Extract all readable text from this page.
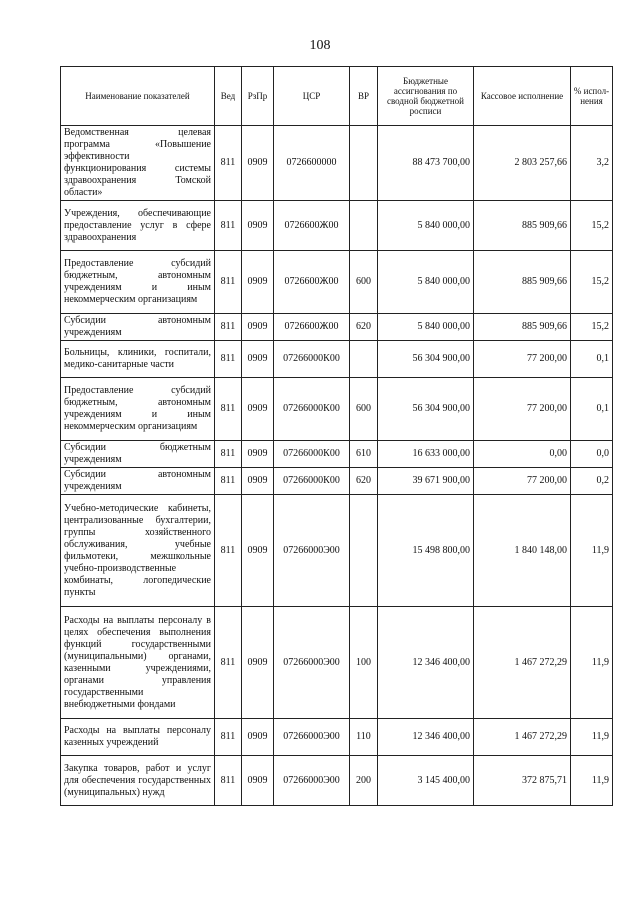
108
Наименование показателей	Вед	РзПр	ЦСР	ВР	Бюджетные ассигнования по сводной бюджетной росписи	Кассовое исполнение	% испол-нения
Ведомственная целевая программа «Повышение эффективности функционирования системы здравоохранения Томской области»	811	0909	0726600000		88 473 700,00	2 803 257,66	3,2
Учреждения, обеспечивающие предоставление услуг в сфере здравоохранения	811	0909	0726600Ж00		5 840 000,00	885 909,66	15,2
Предоставление субсидий бюджетным, автономным учреждениям и иным некоммерческим организациям	811	0909	0726600Ж00	600	5 840 000,00	885 909,66	15,2
Субсидии автономным учреждениям	811	0909	0726600Ж00	620	5 840 000,00	885 909,66	15,2
Больницы, клиники, госпитали, медико-санитарные части	811	0909	07266000К00		56 304 900,00	77 200,00	0,1
Предоставление субсидий бюджетным, автономным учреждениям и иным некоммерческим организациям	811	0909	07266000К00	600	56 304 900,00	77 200,00	0,1
Субсидии бюджетным учреждениям	811	0909	07266000К00	610	16 633 000,00	0,00	0,0
Субсидии автономным учреждениям	811	0909	07266000К00	620	39 671 900,00	77 200,00	0,2
Учебно-методические кабинеты, централизованные бухгалтерии, группы хозяйственного обслуживания, учебные фильмотеки, межшкольные учебно-производственные комбинаты, логопедические пункты	811	0909	07266000Э00		15 498 800,00	1 840 148,00	11,9
Расходы на выплаты персоналу в целях обеспечения выполнения функций государственными (муниципальными) органами, казенными учреждениями, органами управления государственными внебюджетными фондами	811	0909	07266000Э00	100	12 346 400,00	1 467 272,29	11,9
Расходы на выплаты персоналу казенных учреждений	811	0909	07266000Э00	110	12 346 400,00	1 467 272,29	11,9
Закупка товаров, работ и услуг для обеспечения государственных (муниципальных) нужд	811	0909	07266000Э00	200	3 145 400,00	372 875,71	11,9
